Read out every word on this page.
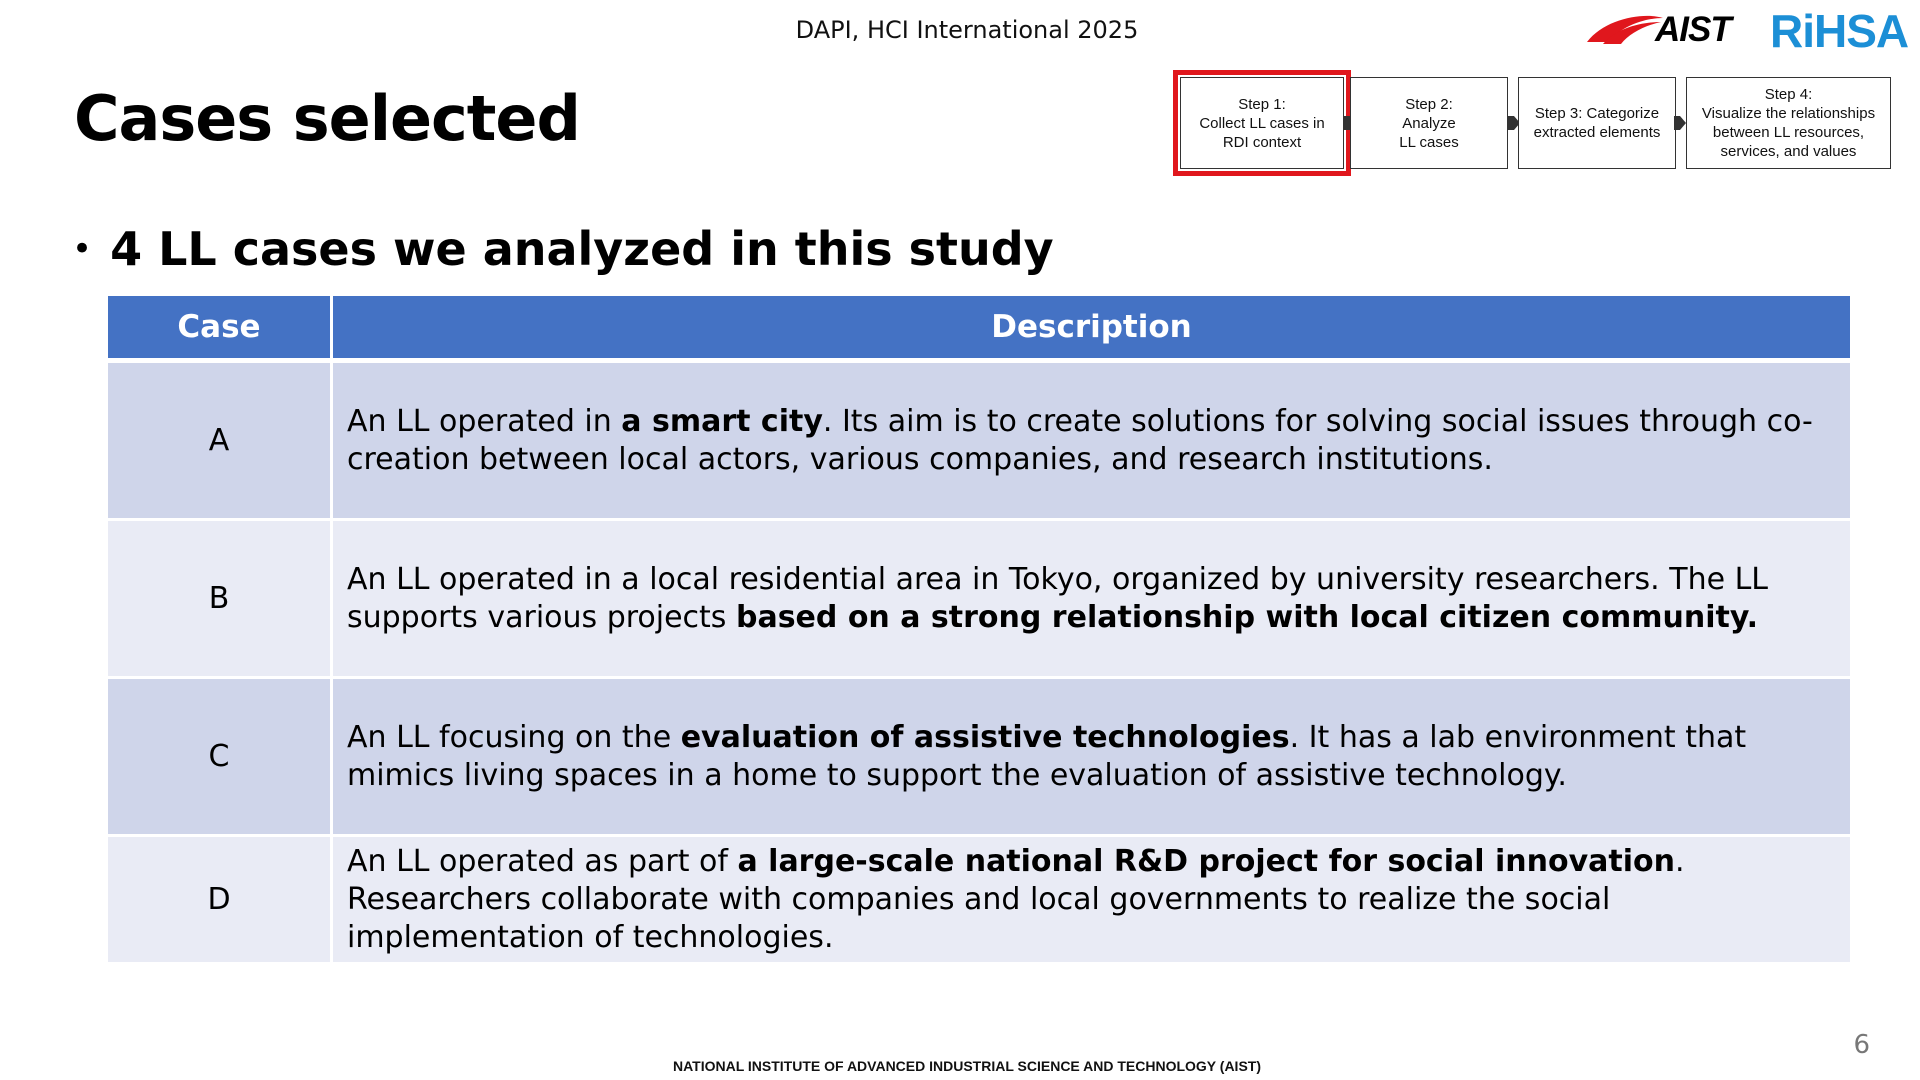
DAPI, HCI International 2025	AIST RiHSA
Cases selected	Step 1:
Collect LL cases in
RDI context
Step 2:
Analyze
LL cases
Step 3: Categorize
extracted elements
Step 4:
Visualize the relationships
between LL resources,
services, and values
• 4 LL cases we analyzed in this study
Case	Description
A	An LL operated in a smart city. Its aim is to create solutions for solving social issues through co-creation between local actors, various companies, and research institutions.
B	An LL operated in a local residential area in Tokyo, organized by university researchers. The LL supports various projects based on a strong relationship with local citizen community.
C	An LL focusing on the evaluation of assistive technologies. It has a lab environment that mimics living spaces in a home to support the evaluation of assistive technology.
D	An LL operated as part of a large-scale national R&D project for social innovation. Researchers collaborate with companies and local governments to realize the social implementation of technologies.
6
NATIONAL INSTITUTE OF ADVANCED INDUSTRIAL SCIENCE AND TECHNOLOGY (AIST)
